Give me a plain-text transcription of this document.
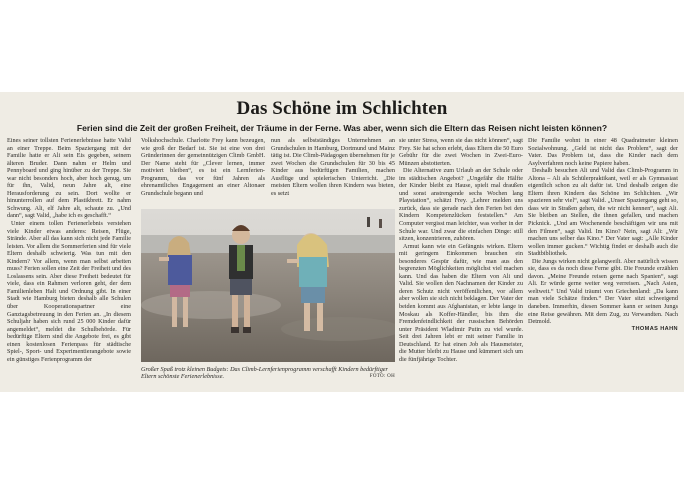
Das Schöne im Schlichten
Ferien sind die Zeit der großen Freiheit, der Träume in der Ferne. Was aber, wenn sich die Eltern das Reisen nicht leisten können?

Eines seiner tollsten Ferienerlebnisse hatte Valid an einer Treppe. Beim Spaziergang mit der Familie hatte er Ali sein Eis gegeben, seinem älteren Bruder. Dann nahm er Helm und Pennyboard und ging hinüber zu der Treppe. Sie war nicht besonders hoch, aber hoch genug, um für ihn, Valid, neun Jahre alt, eine Herausforderung zu sein. Dort wollte er hinunterrollen auf dem Plastikbrett. Er nahm Schwung. Ali, elf Jahre alt, schaute zu. „Und dann“, sagt Valid, „habe ich es geschafft.“

Unter einem tollen Ferienerlebnis verstehen viele Kinder etwas anderes: Reisen, Flüge, Strände. Aber all das kann sich nicht jede Familie leisten. Vor allem die Sommerferien sind für viele Eltern deshalb schwierig. Was tun mit den Kindern? Vor allem, wenn man selbst arbeiten muss? Ferien sollen eine Zeit der Freiheit und des Loslassens sein. Aber diese Freiheit bedeutet für viele, dass ein Rahmen verloren geht, der dem Familienleben Halt und Ordnung gibt. In einer Stadt wie Hamburg bieten deshalb alle Schulen über Kooperationspartner eine Ganztagsbetreuung in den Ferien an. „In diesem Schuljahr haben sich rund 25 000 Kinder dafür angemeldet“, meldet die Schulbehörde. Für bedürftige Eltern sind die Angebote frei, es gibt einen kostenlosen Ferienpass für städtische Spiel-, Sport- und Experimentierangebote sowie ein günstiges Ferienprogramm der

Volkshochschule. Charlotte Frey kann bezeugen, wie groß der Bedarf ist. Sie ist eine von drei Gründerinnen der gemeinnützigen Climb GmbH. Der Name steht für „Clever lernen, immer motiviert bleiben“, es ist ein Lernferien-Programm, das vor fünf Jahren als ehrenamtliches Engagement an einer Altonaer Grundschule begann und

nun als selbstständiges Unternehmen an Grundschulen in Hamburg, Dortmund und Mainz tätig ist. Die Climb-Pädagogen übernehmen für je zwei Wochen die Grundschulen für 30 bis 45 Kinder aus bedürftigen Familien, machen Ausflüge und spielerischen Unterricht. „Die meisten Eltern wollen ihren Kindern was bieten, es setzt

sie unter Stress, wenn sie das nicht können“, sagt Frey. Sie hat schon erlebt, dass Eltern die 50 Euro Gebühr für die zwei Wochen in Zwei-Euro-Münzen abstotterten.

Die Alternative zum Urlaub an der Schule oder im städtischen Angebot? „Ungefähr die Hälfte der Kinder bleibt zu Hause, spielt mal draußen und sonst anstrengende sechs Wochen lang Playstation“, schätzt Frey. „Lehrer melden uns zurück, dass sie gerade nach den Ferien bei den Kindern Kompetenzlücken feststellen.“ Am Computer vergisst man leichter, was vorher in der Schule war. Und zwar die einfachen Dinge: still sitzen, konzentrieren, zuhören.

Armut kann wie ein Gefängnis wirken. Eltern mit geringem Einkommen brauchen ein besonderes Gespür dafür, wie man aus den begrenzten Möglichkeiten möglichst viel machen kann. Und das haben die Eltern von Ali und Valid. Sie wollen den Nachnamen der Kinder zu deren Schutz nicht veröffentlichen, vor allem aber wollen sie sich nicht beklagen. Der Vater der beiden kommt aus Afghanistan, er lebte lange in Moskau als Koffer-Händler, bis ihm die Fremdenfeindlichkeit der russischen Behörden unter Präsident Wladimir Putin zu viel wurde. Seit drei Jahren lebt er mit seiner Familie in Deutschland. Er hat einen Job als Hausmeister, die Mutter bleibt zu Hause und kümmert sich um die fünfjährige Tochter.

Die Familie wohnt in einer 48 Quadratmeter kleinen Sozialwohnung. „Geld ist nicht das Problem“, sagt der Vater. Das Problem ist, dass die Kinder nach dem Asylverfahren noch keine Papiere haben.

Deshalb besuchen Ali und Valid das Climb-Programm in Altona – Ali als Schülerpraktikant, weil er als Gymnasiast eigentlich schon zu alt dafür ist. Und deshalb zeigen die Eltern ihren Kindern das Schöne im Schlichten. „Wir spazieren sehr viel“, sagt Valid. „Unser Spaziergang geht so, dass wir in Straßen gehen, die wir nicht kennen“, sagt Ali. Sie bleiben an Stellen, die ihnen gefallen, und machen Picknick. „Und am Wochenende beschäftigen wir uns mit den Filmen“, sagt Valid. Im Kino? Nein, sagt Ali: „Wir machen uns selber das Kino.“ Der Vater sagt: „Alle Kinder wollen immer gucken.“ Wichtig findet er deshalb auch die Stadtbibliothek.

Die Jungs wirken nicht gelangweilt. Aber natürlich wissen sie, dass es da noch diese Ferne gibt. Die Freunde erzählen davon. „Meine Freunde reisen gerne nach Spanien“, sagt Ali. Er würde gerne weiter weg verreisen. „Nach Asien, weltweit.“ Und Valid träumt von Griechenland: „Da kann man viele Schätze finden.“ Der Vater sitzt schweigend daneben. Immerhin, diesen Sommer kann er seinen Jungs eine Reise gewähren. Mit dem Zug, zu Verwandten. Nach Detmold.

THOMAS HAHN
Großer Spaß trotz kleinen Budgets: Das Climb-Lernferienprogramm verschafft Kindern bedürftiger Eltern schönste Ferienerlebnisse.	FOTO: OH
